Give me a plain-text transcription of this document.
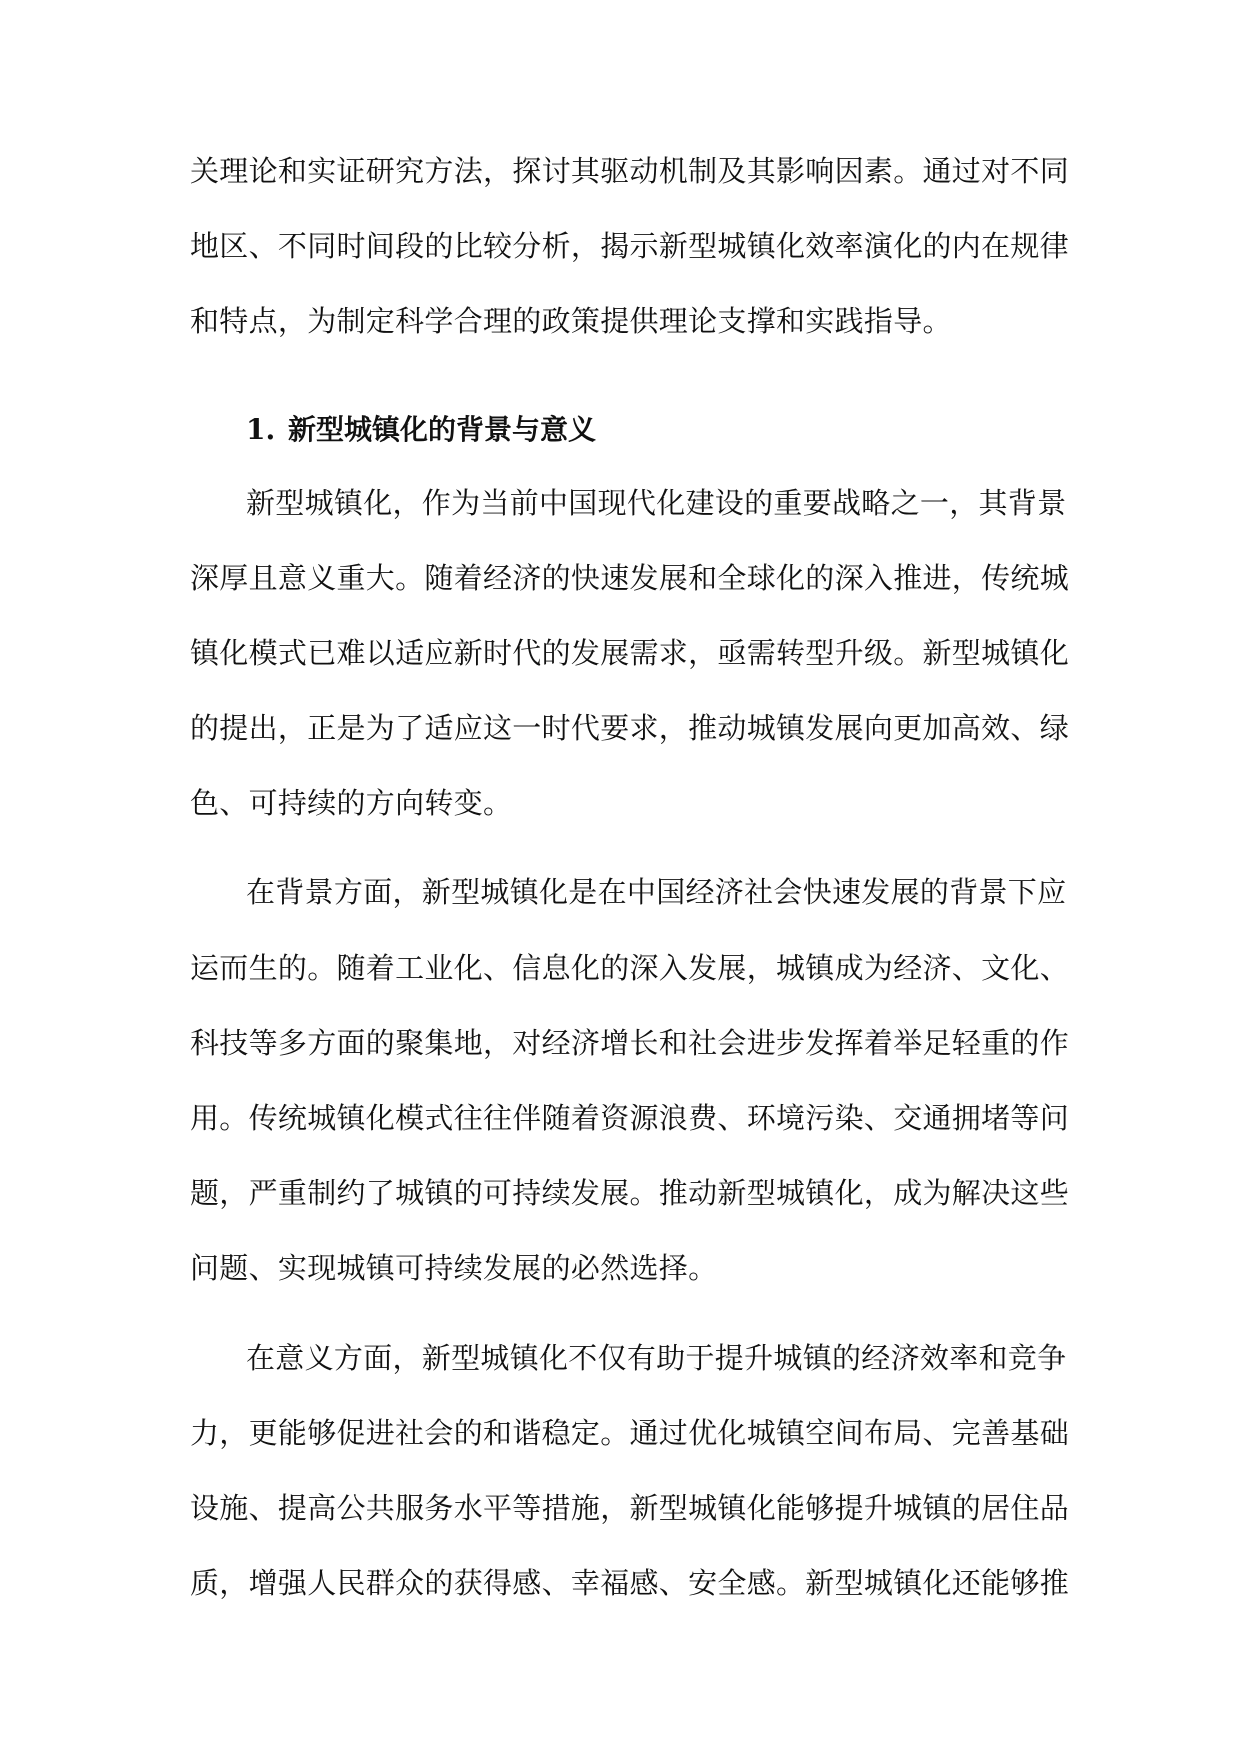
关理论和实证研究方法，探讨其驱动机制及其影响因素。通过对不同

地区、不同时间段的比较分析，揭示新型城镇化效率演化的内在规律

和特点，为制定科学合理的政策提供理论支撑和实践指导。

1. 新型城镇化的背景与意义

新型城镇化，作为当前中国现代化建设的重要战略之一，其背景

深厚且意义重大。随着经济的快速发展和全球化的深入推进，传统城

镇化模式已难以适应新时代的发展需求，亟需转型升级。新型城镇化

的提出，正是为了适应这一时代要求，推动城镇发展向更加高效、绿

色、可持续的方向转变。

在背景方面，新型城镇化是在中国经济社会快速发展的背景下应

运而生的。随着工业化、信息化的深入发展，城镇成为经济、文化、

科技等多方面的聚集地，对经济增长和社会进步发挥着举足轻重的作

用。传统城镇化模式往往伴随着资源浪费、环境污染、交通拥堵等问

题，严重制约了城镇的可持续发展。推动新型城镇化，成为解决这些

问题、实现城镇可持续发展的必然选择。

在意义方面，新型城镇化不仅有助于提升城镇的经济效率和竞争

力，更能够促进社会的和谐稳定。通过优化城镇空间布局、完善基础

设施、提高公共服务水平等措施，新型城镇化能够提升城镇的居住品

质，增强人民群众的获得感、幸福感、安全感。新型城镇化还能够推
